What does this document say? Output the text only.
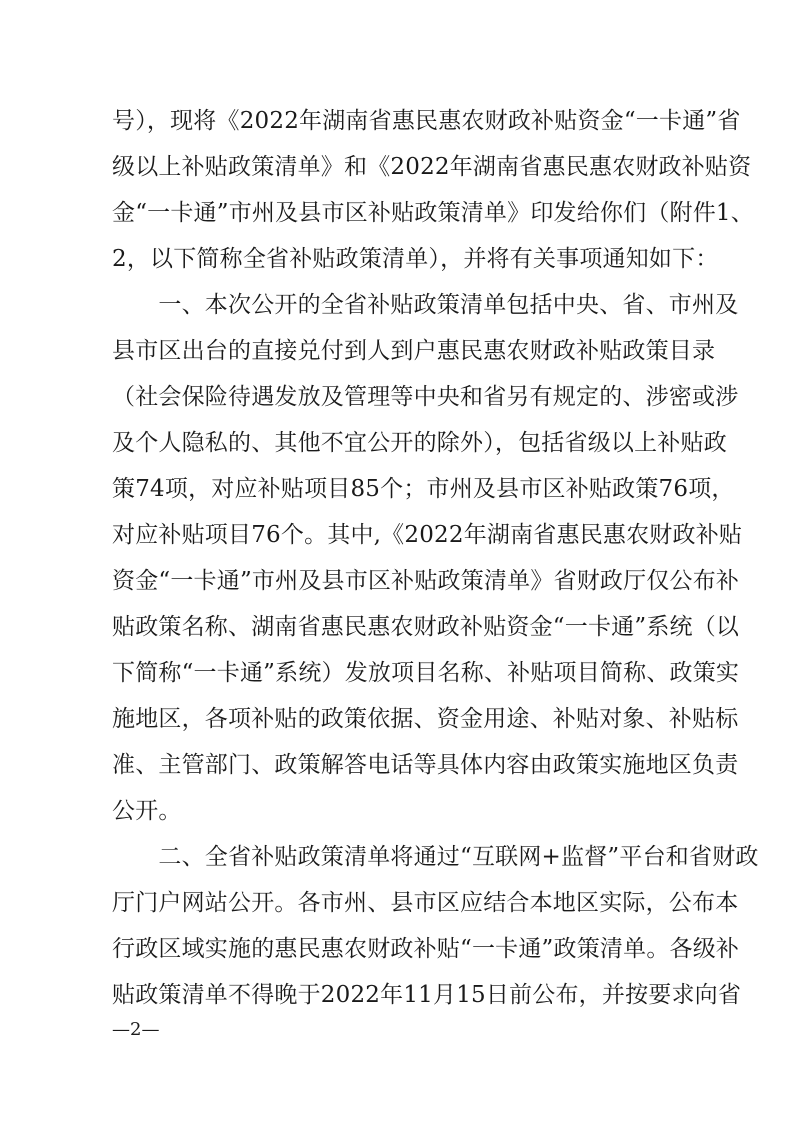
号），现将《2022年湖南省惠民惠农财政补贴资金“一卡通”省
级以上补贴政策清单》和《2022年湖南省惠民惠农财政补贴资
金“一卡通”市州及县市区补贴政策清单》印发给你们（附件1、
2，以下简称全省补贴政策清单），并将有关事项通知如下：
　　一、本次公开的全省补贴政策清单包括中央、省、市州及
县市区出台的直接兑付到人到户惠民惠农财政补贴政策目录
（社会保险待遇发放及管理等中央和省另有规定的、涉密或涉
及个人隐私的、其他不宜公开的除外），包括省级以上补贴政
策74项，对应补贴项目85个；市州及县市区补贴政策76项，
对应补贴项目76个。其中,《2022年湖南省惠民惠农财政补贴
资金“一卡通”市州及县市区补贴政策清单》省财政厅仅公布补
贴政策名称、湖南省惠民惠农财政补贴资金“一卡通”系统（以
下简称“一卡通”系统）发放项目名称、补贴项目简称、政策实
施地区，各项补贴的政策依据、资金用途、补贴对象、补贴标
准、主管部门、政策解答电话等具体内容由政策实施地区负责
公开。
　　二、全省补贴政策清单将通过“互联网+监督”平台和省财政
厅门户网站公开。各市州、县市区应结合本地区实际，公布本
行政区域实施的惠民惠农财政补贴“一卡通”政策清单。各级补
贴政策清单不得晚于2022年11月15日前公布，并按要求向省
—2—
